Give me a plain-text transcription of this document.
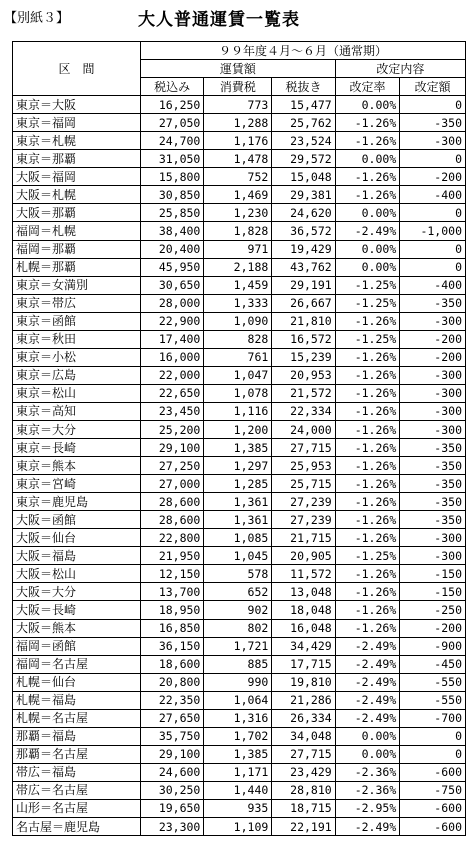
【別紙３】	大人普通運賃一覧表
区　間	９９年度４月～６月（通常期）				
	運賃額			改定内容	
	税込み	消費税	税抜き	改定率	改定額
東京＝大阪	16,250	773	15,477	0.00%	0
東京＝福岡	27,050	1,288	25,762	-1.26%	-350
東京＝札幌	24,700	1,176	23,524	-1.26%	-300
東京＝那覇	31,050	1,478	29,572	0.00%	0
大阪＝福岡	15,800	752	15,048	-1.26%	-200
大阪＝札幌	30,850	1,469	29,381	-1.26%	-400
大阪＝那覇	25,850	1,230	24,620	0.00%	0
福岡＝札幌	38,400	1,828	36,572	-2.49%	-1,000
福岡＝那覇	20,400	971	19,429	0.00%	0
札幌＝那覇	45,950	2,188	43,762	0.00%	0
東京＝女満別	30,650	1,459	29,191	-1.25%	-400
東京＝帯広	28,000	1,333	26,667	-1.25%	-350
東京＝函館	22,900	1,090	21,810	-1.26%	-300
東京＝秋田	17,400	828	16,572	-1.25%	-200
東京＝小松	16,000	761	15,239	-1.26%	-200
東京＝広島	22,000	1,047	20,953	-1.26%	-300
東京＝松山	22,650	1,078	21,572	-1.26%	-300
東京＝高知	23,450	1,116	22,334	-1.26%	-300
東京＝大分	25,200	1,200	24,000	-1.26%	-300
東京＝長崎	29,100	1,385	27,715	-1.26%	-350
東京＝熊本	27,250	1,297	25,953	-1.26%	-350
東京＝宮崎	27,000	1,285	25,715	-1.26%	-350
東京＝鹿児島	28,600	1,361	27,239	-1.26%	-350
大阪＝函館	28,600	1,361	27,239	-1.26%	-350
大阪＝仙台	22,800	1,085	21,715	-1.26%	-300
大阪＝福島	21,950	1,045	20,905	-1.25%	-300
大阪＝松山	12,150	578	11,572	-1.26%	-150
大阪＝大分	13,700	652	13,048	-1.26%	-150
大阪＝長崎	18,950	902	18,048	-1.26%	-250
大阪＝熊本	16,850	802	16,048	-1.26%	-200
福岡＝函館	36,150	1,721	34,429	-2.49%	-900
福岡＝名古屋	18,600	885	17,715	-2.49%	-450
札幌＝仙台	20,800	990	19,810	-2.49%	-550
札幌＝福島	22,350	1,064	21,286	-2.49%	-550
札幌＝名古屋	27,650	1,316	26,334	-2.49%	-700
那覇＝福島	35,750	1,702	34,048	0.00%	0
那覇＝名古屋	29,100	1,385	27,715	0.00%	0
帯広＝福島	24,600	1,171	23,429	-2.36%	-600
帯広＝名古屋	30,250	1,440	28,810	-2.36%	-750
山形＝名古屋	19,650	935	18,715	-2.95%	-600
名古屋＝鹿児島	23,300	1,109	22,191	-2.49%	-600
